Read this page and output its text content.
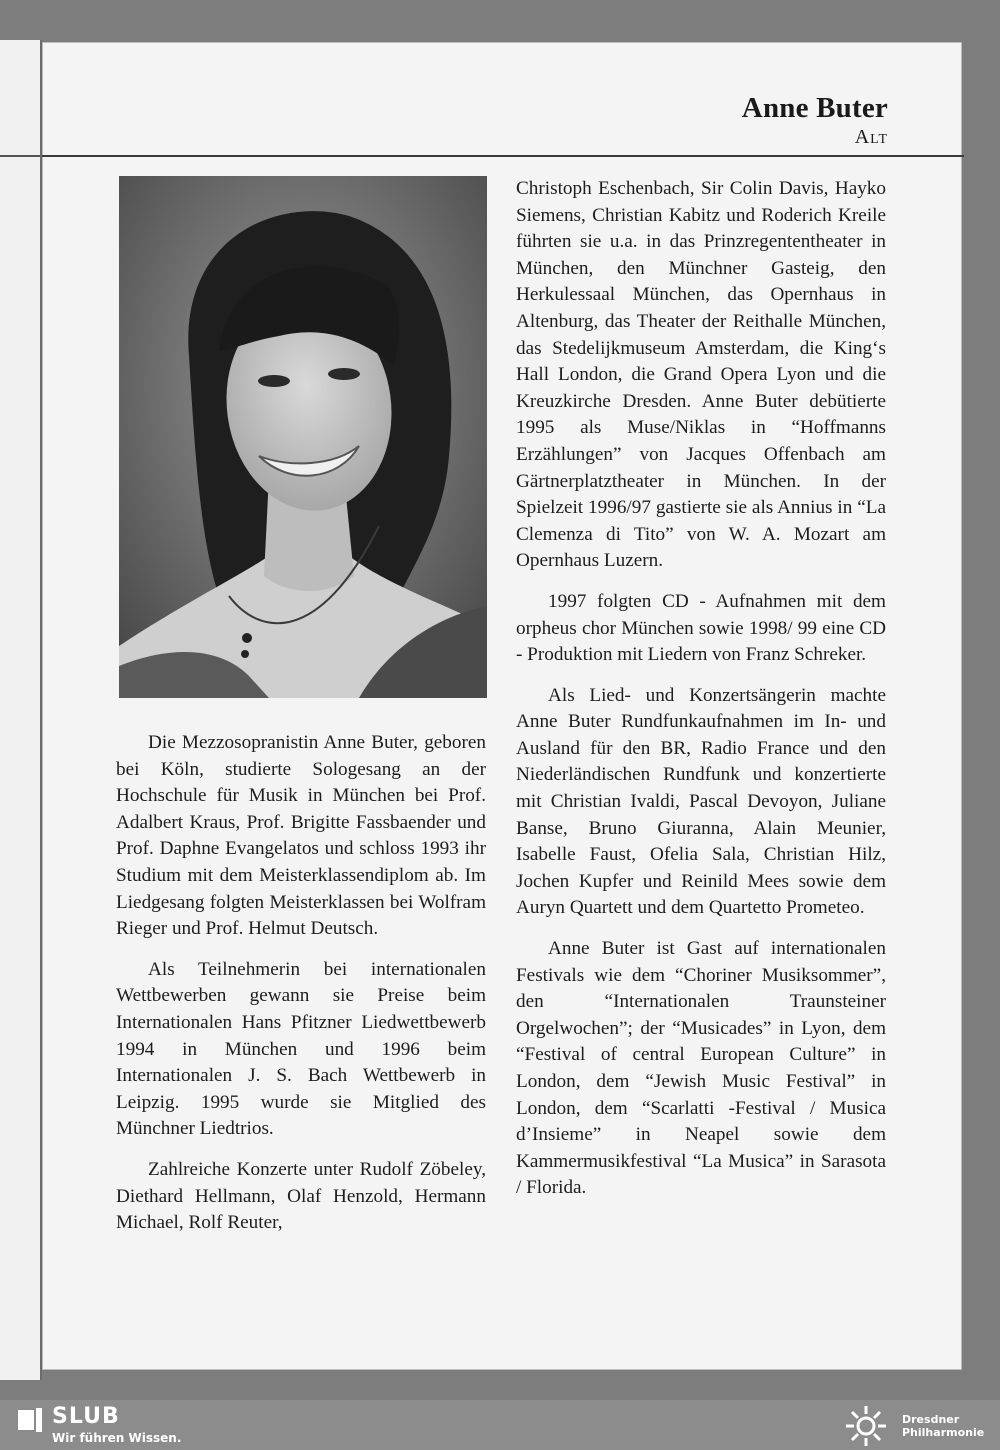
Anne Buter
Alt

Die Mezzosopranistin Anne Buter, geboren bei Köln, studierte Sologesang an der Hochschule für Musik in München bei Prof. Adalbert Kraus, Prof. Brigitte Fassbaender und Prof. Daphne Evangelatos und schloss 1993 ihr Studium mit dem Meisterklassendiplom ab. Im Liedgesang folgten Meisterklassen bei Wolfram Rieger und Prof. Helmut Deutsch.

Als Teilnehmerin bei internationalen Wettbewerben gewann sie Preise beim Internationalen Hans Pfitzner Liedwettbewerb 1994 in München und 1996 beim Internationalen J. S. Bach Wettbewerb in Leipzig. 1995 wurde sie Mitglied des Münchner Liedtrios.

Zahlreiche Konzerte unter Rudolf Zöbeley, Diethard Hellmann, Olaf Henzold, Hermann Michael, Rolf Reuter,

Christoph Eschenbach, Sir Colin Davis, Hayko Siemens, Christian Kabitz und Roderich Kreile führten sie u.a. in das Prinzregententheater in München, den Münchner Gasteig, den Herkulessaal München, das Opernhaus in Altenburg, das Theater der Reithalle München, das Stedelijkmuseum Amsterdam, die King‘s Hall London, die Grand Opera Lyon und die Kreuzkirche Dresden. Anne Buter debütierte 1995 als Muse/Niklas in “Hoffmanns Erzählungen” von Jacques Offenbach am Gärtnerplatztheater in München. In der Spielzeit 1996/97 gastierte sie als Annius in “La Clemenza di Tito” von W. A. Mozart am Opernhaus Luzern.

1997 folgten CD - Aufnahmen mit dem orpheus chor München sowie 1998/ 99 eine CD - Produktion mit Liedern von Franz Schreker.

Als Lied- und Konzertsängerin machte Anne Buter Rundfunkaufnahmen im In- und Ausland für den BR, Radio France und den Niederländischen Rundfunk und konzertierte mit Christian Ivaldi, Pascal Devoyon, Juliane Banse, Bruno Giuranna, Alain Meunier, Isabelle Faust, Ofelia Sala, Christian Hilz, Jochen Kupfer und Reinild Mees sowie dem Auryn Quartett und dem Quartetto Prometeo.

Anne Buter ist Gast auf internationalen Festivals wie dem “Choriner Musiksommer”, den “Internationalen Traunsteiner Orgelwochen”; der “Musicades” in Lyon, dem “Festival of central European Culture” in London, dem “Jewish Music Festival” in London, dem “Scarlatti -Festival / Musica d’Insieme” in Neapel sowie dem Kammermusikfestival “La Musica” in Sarasota / Florida.

SLUB
Wir führen Wissen.
Dresdner
Philharmonie
